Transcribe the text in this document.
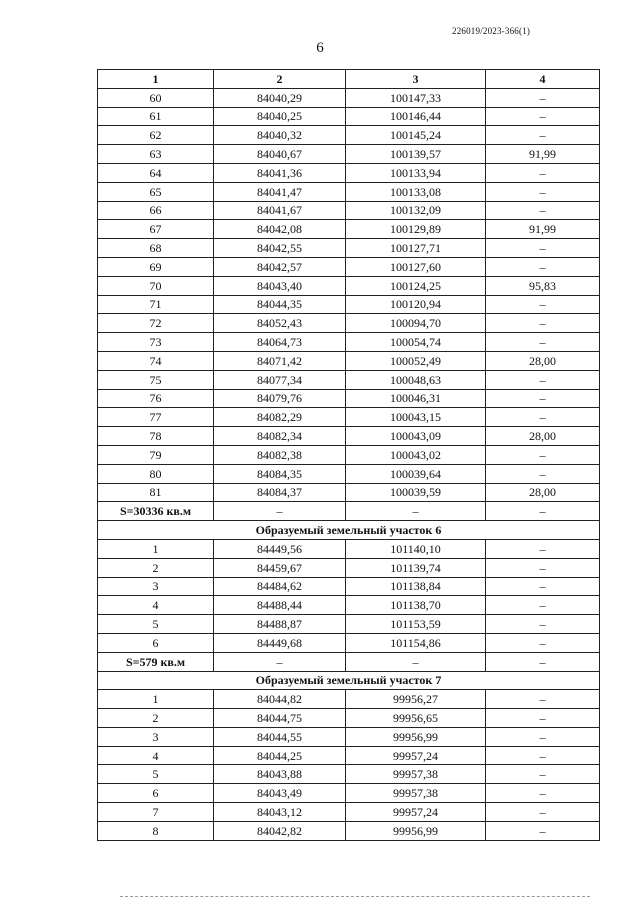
226019/2023-366(1)
6
1	2	3	4
60	84040,29	100147,33	–
61	84040,25	100146,44	–
62	84040,32	100145,24	–
63	84040,67	100139,57	91,99
64	84041,36	100133,94	–
65	84041,47	100133,08	–
66	84041,67	100132,09	–
67	84042,08	100129,89	91,99
68	84042,55	100127,71	–
69	84042,57	100127,60	–
70	84043,40	100124,25	95,83
71	84044,35	100120,94	–
72	84052,43	100094,70	–
73	84064,73	100054,74	–
74	84071,42	100052,49	28,00
75	84077,34	100048,63	–
76	84079,76	100046,31	–
77	84082,29	100043,15	–
78	84082,34	100043,09	28,00
79	84082,38	100043,02	–
80	84084,35	100039,64	–
81	84084,37	100039,59	28,00
S=30336 кв.м	–	–	–
Образуемый земельный участок 6			
1	84449,56	101140,10	–
2	84459,67	101139,74	–
3	84484,62	101138,84	–
4	84488,44	101138,70	–
5	84488,87	101153,59	–
6	84449,68	101154,86	–
S=579 кв.м	–	–	–
Образуемый земельный участок 7			
1	84044,82	99956,27	–
2	84044,75	99956,65	–
3	84044,55	99956,99	–
4	84044,25	99957,24	–
5	84043,88	99957,38	–
6	84043,49	99957,38	–
7	84043,12	99957,24	–
8	84042,82	99956,99	–
